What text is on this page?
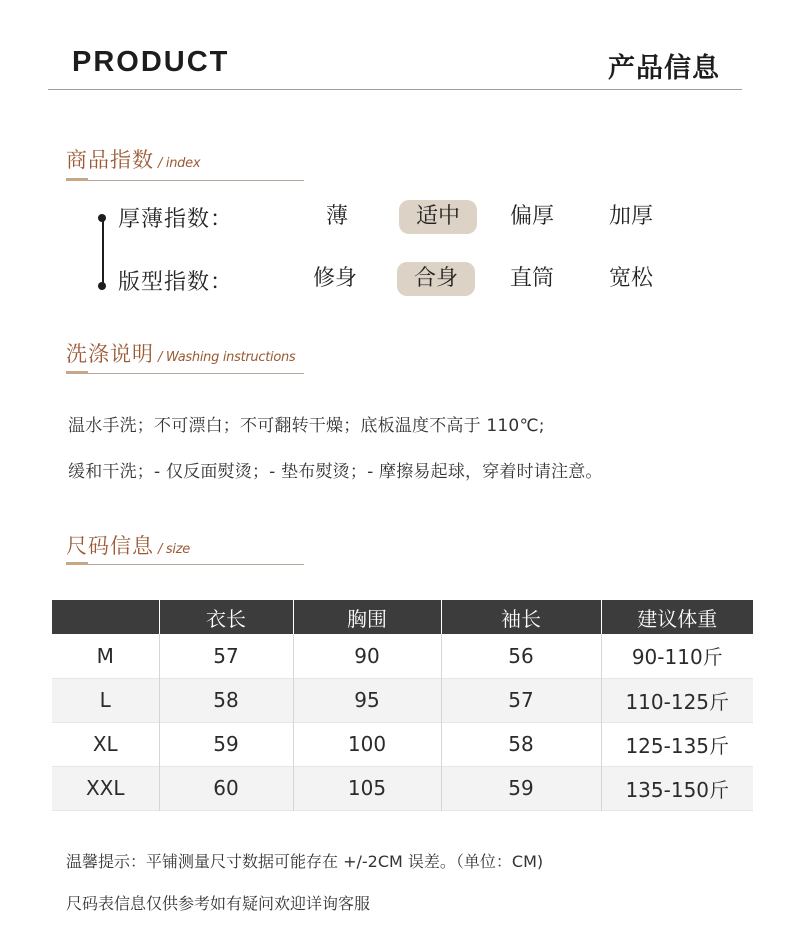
PRODUCT	产品信息
商品指数 / index
厚薄指数：	薄	适中	偏厚	加厚
版型指数：	修身	合身	直筒	宽松
洗涤说明 / Washing instructions
温水手洗；不可漂白；不可翻转干燥；底板温度不高于 110℃;
缓和干洗；- 仅反面熨烫；- 垫布熨烫；- 摩擦易起球，穿着时请注意。
尺码信息 / size
	衣长	胸围	袖长	建议体重
M	57	90	56	90-110斤
L	58	95	57	110-125斤
XL	59	100	58	125-135斤
XXL	60	105	59	135-150斤
温馨提示：平铺测量尺寸数据可能存在 +/-2CM 误差。（单位：CM)
尺码表信息仅供参考如有疑问欢迎详询客服
